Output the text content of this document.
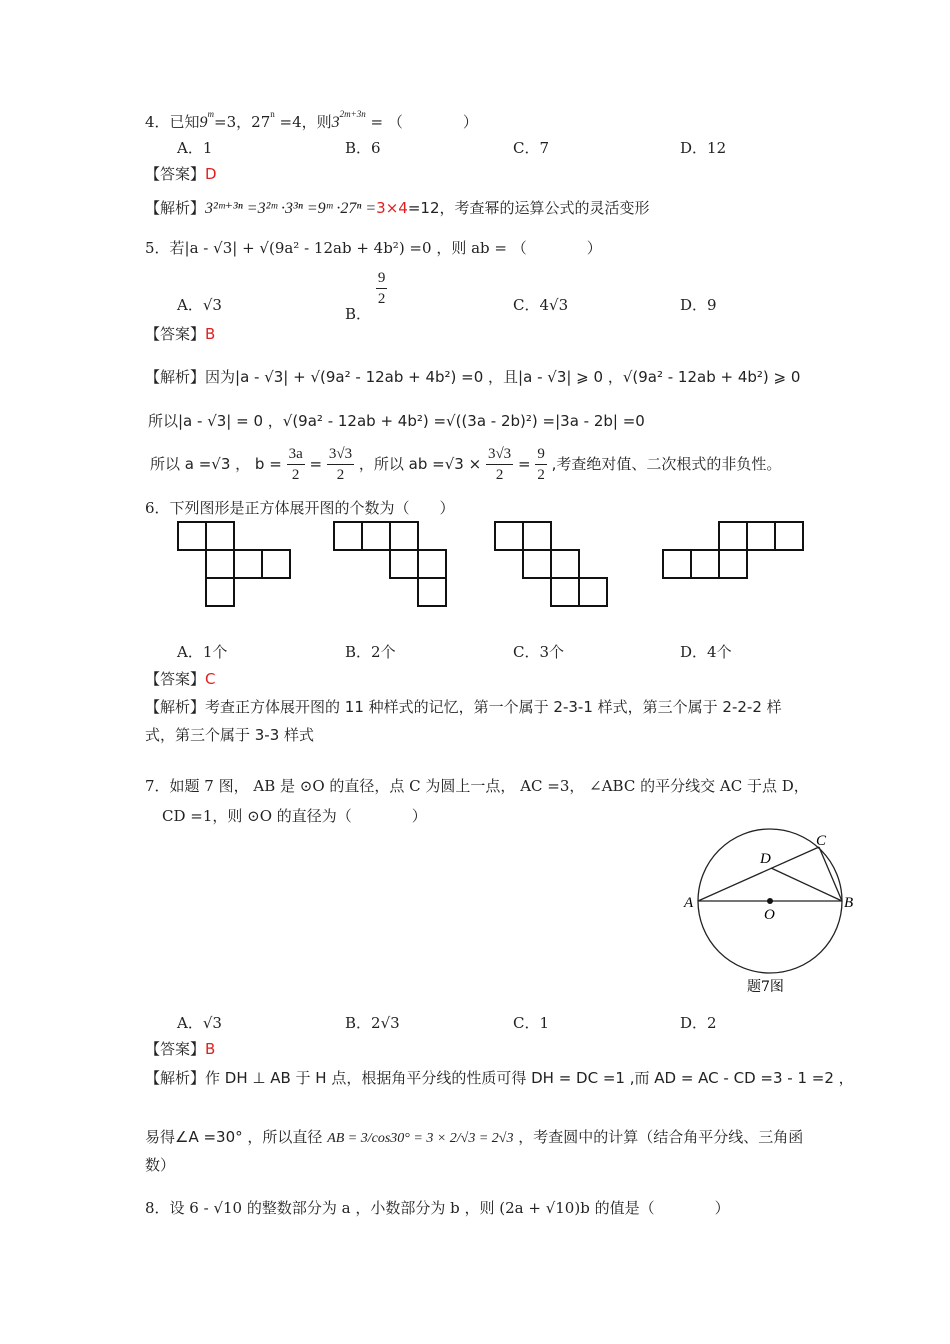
4．已知$9^m=3$，$27^n =4$，则$3^{2m+3n}$ = （　　　　）
A．1	B．6	C．7	D．12
【答案】D
【解析】3²ᵐ⁺³ⁿ =3²ᵐ ·3³ⁿ =9ᵐ ·27ⁿ =3×4=12，考查幂的运算公式的灵活变形
5．若|a - √3| + √(9a² - 12ab + 4b²) =0 ，则 ab = （　　　　）
A．√3	B．
$\frac{9}{2}$	C．4√3	D．9
【答案】B
【解析】因为|a - √3| + √(9a² - 12ab + 4b²) =0 ，且|a - √3| ⩾ 0 ，√(9a² - 12ab + 4b²) ⩾ 0
所以|a - √3| = 0 ，√(9a² - 12ab + 4b²) =√((3a - 2b)²) =|3a - 2b| =0
所以 a =√3 ， $b = \frac{3a}{2} = \frac{3√3}{2}$ ，所以 ab $=√3 \times \frac{3√3}{2} = \frac{9}{2}$ ,考查绝对值、二次根式的非负性。
6．下列图形是正方体展开图的个数为（　　）
A．1个	B．2个	C．3个	D．4个
【答案】C
【解析】考查正方体展开图的 11 种样式的记忆，第一个属于 2-3-1 样式，第三个属于 2-2-2 样
式，第三个属于 3-3 样式
7．如题 7 图， AB 是 ⊙O 的直径，点 C 为圆上一点， AC =3， ∠ABC 的平分线交 AC 于点 D，
CD =1，则 ⊙O 的直径为（　　　　）
A	B
C
D
O
题7图
A．√3	B．2√3	C．1	D．2
【答案】B
【解析】作 DH ⊥ AB 于 H 点，根据角平分线的性质可得 DH = DC =1 ,而 AD = AC - CD =3 - 1 =2 ，
易得∠A =30° ，所以直径 AB = 3/cos30° = 3 × 2/√3 = 2√3 ，考查圆中的计算（结合角平分线、三角函
数）
8．设 6 - √10 的整数部分为 a ，小数部分为 b ，则 (2a + √10)b 的值是（　　　　）
